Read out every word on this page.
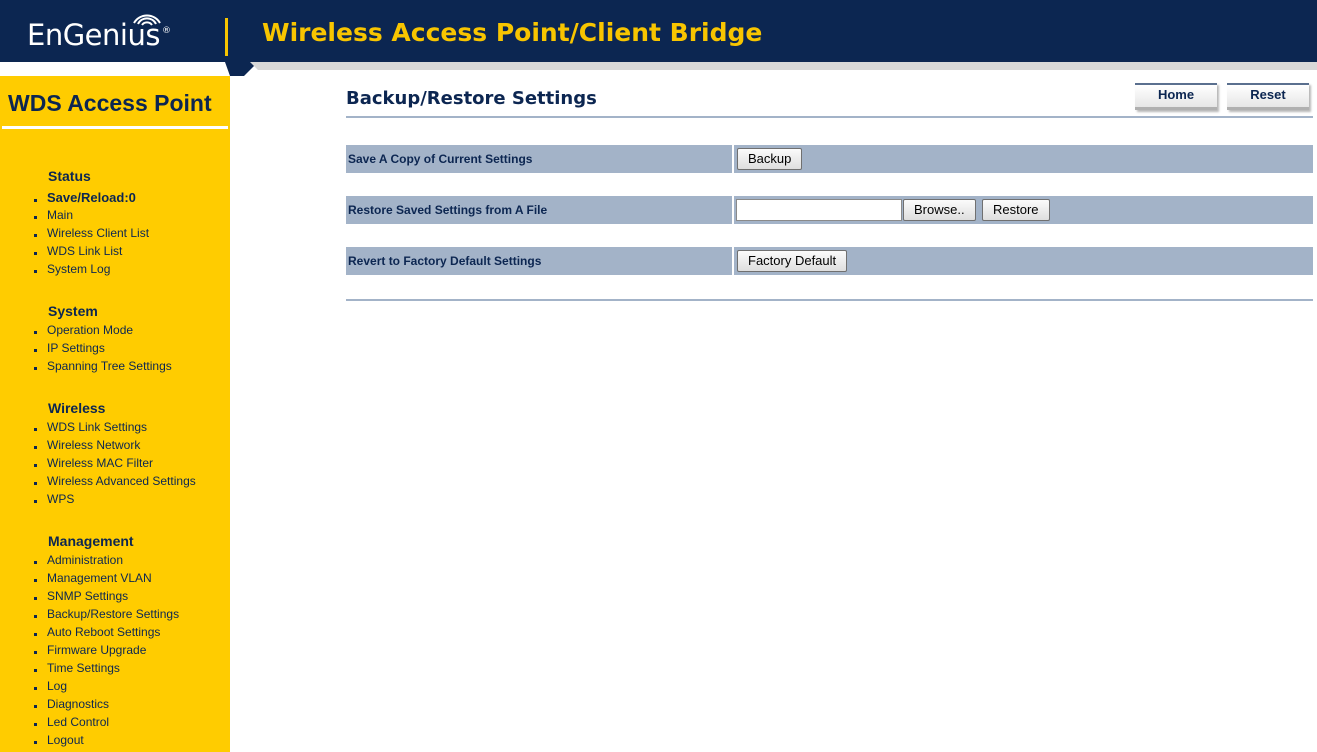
EnGenius ®	Wireless Access Point/Client Bridge
WDS Access Point
Status
Save/Reload:0
Main
Wireless Client List
WDS Link List
System Log
System
Operation Mode
IP Settings
Spanning Tree Settings
Wireless
WDS Link Settings
Wireless Network
Wireless MAC Filter
Wireless Advanced Settings
WPS
Management
Administration
Management VLAN
SNMP Settings
Backup/Restore Settings
Auto Reboot Settings
Firmware Upgrade
Time Settings
Log
Diagnostics
Led Control
Logout
Backup/Restore Settings	Home	Reset
Save A Copy of Current Settings	Backup
Restore Saved Settings from A File	Browse..	Restore
Revert to Factory Default Settings	Factory Default
